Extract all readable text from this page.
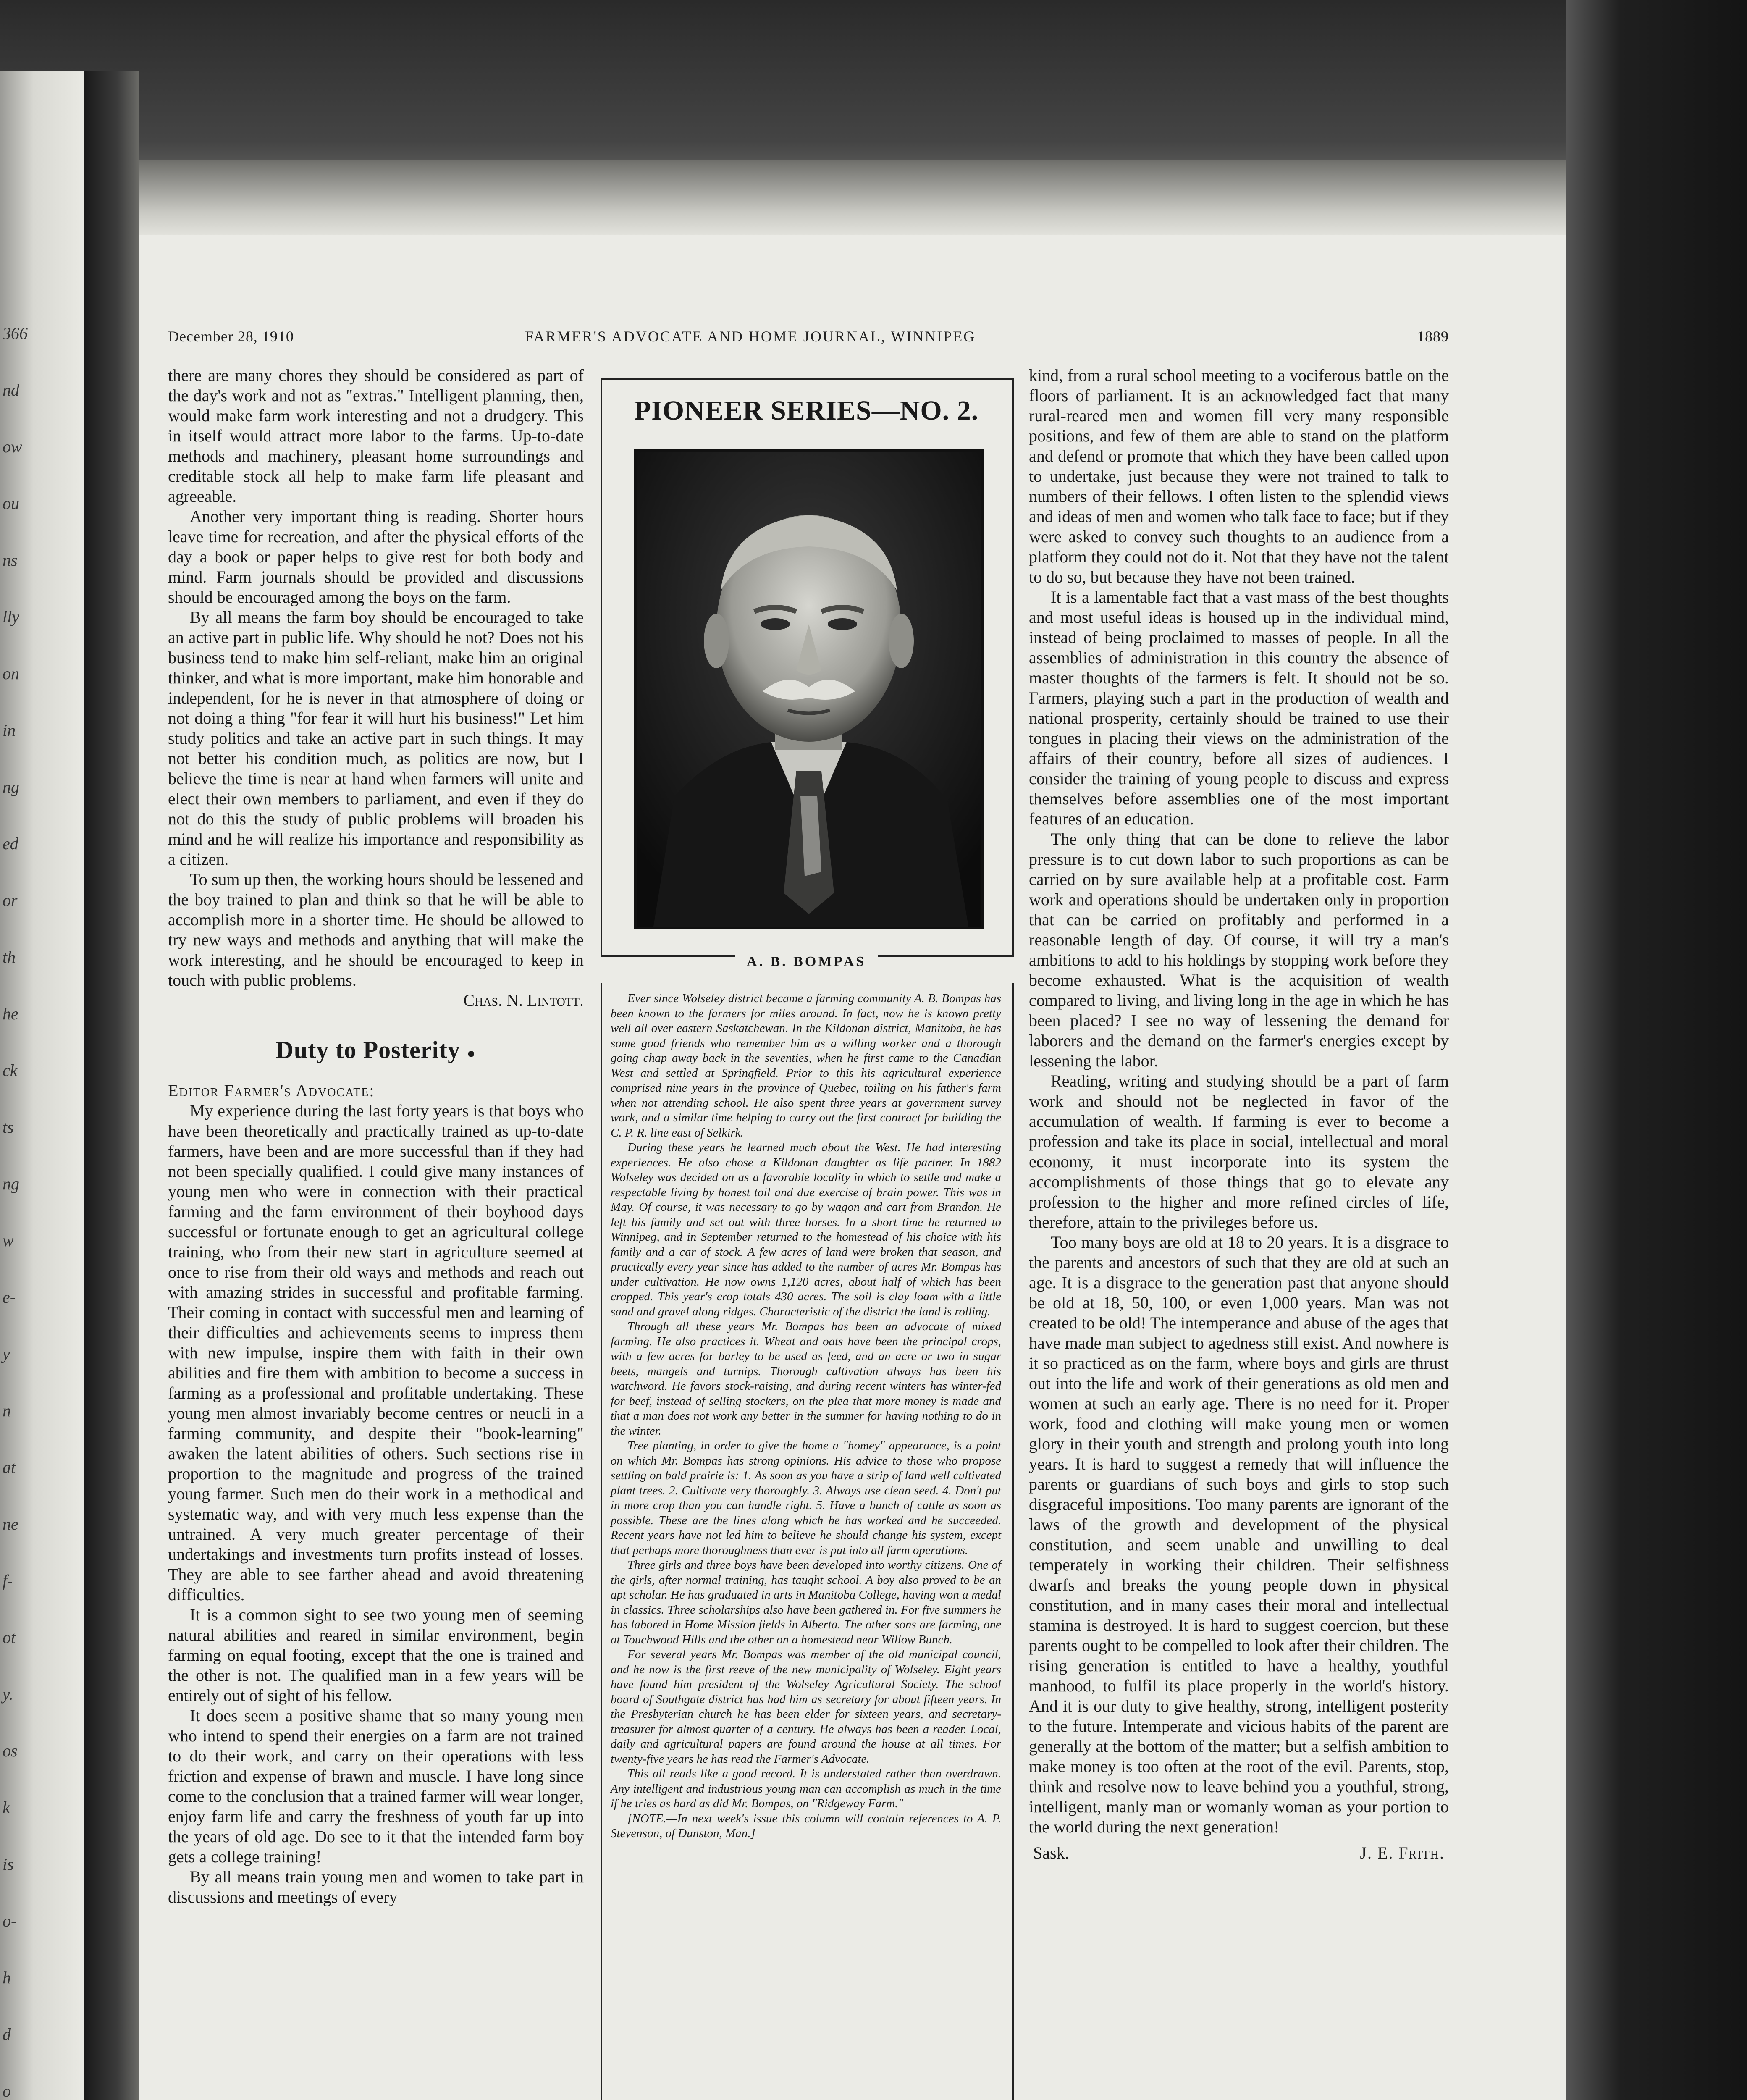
December 28, 1910	FARMER'S ADVOCATE AND HOME JOURNAL, WINNIPEG	1889

there are many chores they should be considered as part of the day's work and not as "extras." Intelligent planning, then, would make farm work interesting and not a drudgery. This in itself would attract more labor to the farms. Up-to-date methods and machinery, pleasant home surroundings and creditable stock all help to make farm life pleasant and agreeable.

Another very important thing is reading. Shorter hours leave time for recreation, and after the physical efforts of the day a book or paper helps to give rest for both body and mind. Farm journals should be provided and discussions should be encouraged among the boys on the farm.

By all means the farm boy should be encouraged to take an active part in public life. Why should he not? Does not his business tend to make him self-reliant, make him an original thinker, and what is more important, make him honorable and independent, for he is never in that atmosphere of doing or not doing a thing "for fear it will hurt his business!" Let him study politics and take an active part in such things. It may not better his condition much, as politics are now, but I believe the time is near at hand when farmers will unite and elect their own members to parliament, and even if they do not do this the study of public problems will broaden his mind and he will realize his importance and responsibility as a citizen.

To sum up then, the working hours should be lessened and the boy trained to plan and think so that he will be able to accomplish more in a shorter time. He should be allowed to try new ways and methods and anything that will make the work interesting, and he should be encouraged to keep in touch with public problems.

Chas. N. Lintott.

Duty to Posterity ●

Editor Farmer's Advocate:

My experience during the last forty years is that boys who have been theoretically and practically trained as up-to-date farmers, have been and are more successful than if they had not been specially qualified. I could give many instances of young men who were in connection with their practical farming and the farm environment of their boyhood days successful or fortunate enough to get an agricultural college training, who from their new start in agriculture seemed at once to rise from their old ways and methods and reach out with amazing strides in successful and profitable farming. Their coming in contact with successful men and learning of their difficulties and achievements seems to impress them with new impulse, inspire them with faith in their own abilities and fire them with ambition to become a success in farming as a professional and profitable undertaking. These young men almost invariably become centres or neucli in a farming community, and despite their "book-learning" awaken the latent abilities of others. Such sections rise in proportion to the magnitude and progress of the trained young farmer. Such men do their work in a methodical and systematic way, and with very much less expense than the untrained. A very much greater percentage of their undertakings and investments turn profits instead of losses. They are able to see farther ahead and avoid threatening difficulties.

It is a common sight to see two young men of seeming natural abilities and reared in similar environment, begin farming on equal footing, except that the one is trained and the other is not. The qualified man in a few years will be entirely out of sight of his fellow.

It does seem a positive shame that so many young men who intend to spend their energies on a farm are not trained to do their work, and carry on their operations with less friction and expense of brawn and muscle. I have long since come to the conclusion that a trained farmer will wear longer, enjoy farm life and carry the freshness of youth far up into the years of old age. Do see to it that the intended farm boy gets a college training!

By all means train young men and women to take part in discussions and meetings of every

PIONEER SERIES—NO. 2.
A. B. BOMPAS

Ever since Wolseley district became a farming community A. B. Bompas has been known to the farmers for miles around. In fact, now he is known pretty well all over eastern Saskatchewan. In the Kildonan district, Manitoba, he has some good friends who remember him as a willing worker and a thorough going chap away back in the seventies, when he first came to the Canadian West and settled at Springfield. Prior to this his agricultural experience comprised nine years in the province of Quebec, toiling on his father's farm when not attending school. He also spent three years at government survey work, and a similar time helping to carry out the first contract for building the C. P. R. line east of Selkirk.

During these years he learned much about the West. He had interesting experiences. He also chose a Kildonan daughter as life partner. In 1882 Wolseley was decided on as a favorable locality in which to settle and make a respectable living by honest toil and due exercise of brain power. This was in May. Of course, it was necessary to go by wagon and cart from Brandon. He left his family and set out with three horses. In a short time he returned to Winnipeg, and in September returned to the homestead of his choice with his family and a car of stock. A few acres of land were broken that season, and practically every year since has added to the number of acres Mr. Bompas has under cultivation. He now owns 1,120 acres, about half of which has been cropped. This year's crop totals 430 acres. The soil is clay loam with a little sand and gravel along ridges. Characteristic of the district the land is rolling.

Through all these years Mr. Bompas has been an advocate of mixed farming. He also practices it. Wheat and oats have been the principal crops, with a few acres for barley to be used as feed, and an acre or two in sugar beets, mangels and turnips. Thorough cultivation always has been his watchword. He favors stock-raising, and during recent winters has winter-fed for beef, instead of selling stockers, on the plea that more money is made and that a man does not work any better in the summer for having nothing to do in the winter.

Tree planting, in order to give the home a "homey" appearance, is a point on which Mr. Bompas has strong opinions. His advice to those who propose settling on bald prairie is: 1. As soon as you have a strip of land well cultivated plant trees. 2. Cultivate very thoroughly. 3. Always use clean seed. 4. Don't put in more crop than you can handle right. 5. Have a bunch of cattle as soon as possible. These are the lines along which he has worked and he succeeded. Recent years have not led him to believe he should change his system, except that perhaps more thoroughness than ever is put into all farm operations.

Three girls and three boys have been developed into worthy citizens. One of the girls, after normal training, has taught school. A boy also proved to be an apt scholar. He has graduated in arts in Manitoba College, having won a medal in classics. Three scholarships also have been gathered in. For five summers he has labored in Home Mission fields in Alberta. The other sons are farming, one at Touchwood Hills and the other on a homestead near Willow Bunch.

For several years Mr. Bompas was member of the old municipal council, and he now is the first reeve of the new municipality of Wolseley. Eight years have found him president of the Wolseley Agricultural Society. The school board of Southgate district has had him as secretary for about fifteen years. In the Presbyterian church he has been elder for sixteen years, and secretary-treasurer for almost quarter of a century. He always has been a reader. Local, daily and agricultural papers are found around the house at all times. For twenty-five years he has read the Farmer's Advocate.

This all reads like a good record. It is understated rather than overdrawn. Any intelligent and industrious young man can accomplish as much in the time if he tries as hard as did Mr. Bompas, on "Ridgeway Farm."

[NOTE.—In next week's issue this column will contain references to A. P. Stevenson, of Dunston, Man.]

kind, from a rural school meeting to a vociferous battle on the floors of parliament. It is an acknowledged fact that many rural-reared men and women fill very many responsible positions, and few of them are able to stand on the platform and defend or promote that which they have been called upon to undertake, just because they were not trained to talk to numbers of their fellows. I often listen to the splendid views and ideas of men and women who talk face to face; but if they were asked to convey such thoughts to an audience from a platform they could not do it. Not that they have not the talent to do so, but because they have not been trained.

It is a lamentable fact that a vast mass of the best thoughts and most useful ideas is housed up in the individual mind, instead of being proclaimed to masses of people. In all the assemblies of administration in this country the absence of master thoughts of the farmers is felt. It should not be so. Farmers, playing such a part in the production of wealth and national prosperity, certainly should be trained to use their tongues in placing their views on the administration of the affairs of their country, before all sizes of audiences. I consider the training of young people to discuss and express themselves before assemblies one of the most important features of an education.

The only thing that can be done to relieve the labor pressure is to cut down labor to such proportions as can be carried on by sure available help at a profitable cost. Farm work and operations should be undertaken only in proportion that can be carried on profitably and performed in a reasonable length of day. Of course, it will try a man's ambitions to add to his holdings by stopping work before they become exhausted. What is the acquisition of wealth compared to living, and living long in the age in which he has been placed? I see no way of lessening the demand for laborers and the demand on the farmer's energies except by lessening the labor.

Reading, writing and studying should be a part of farm work and should not be neglected in favor of the accumulation of wealth. If farming is ever to become a profession and take its place in social, intellectual and moral economy, it must incorporate into its system the accomplishments of those things that go to elevate any profession to the higher and more refined circles of life, therefore, attain to the privileges before us.

Too many boys are old at 18 to 20 years. It is a disgrace to the parents and ancestors of such that they are old at such an age. It is a disgrace to the generation past that anyone should be old at 18, 50, 100, or even 1,000 years. Man was not created to be old! The intemperance and abuse of the ages that have made man subject to agedness still exist. And nowhere is it so practiced as on the farm, where boys and girls are thrust out into the life and work of their generations as old men and women at such an early age. There is no need for it. Proper work, food and clothing will make young men or women glory in their youth and strength and prolong youth into long years. It is hard to suggest a remedy that will influence the parents or guardians of such boys and girls to stop such disgraceful impositions. Too many parents are ignorant of the laws of the growth and development of the physical constitution, and seem unable and unwilling to deal temperately in working their children. Their selfishness dwarfs and breaks the young people down in physical constitution, and in many cases their moral and intellectual stamina is destroyed. It is hard to suggest coercion, but these parents ought to be compelled to look after their children. The rising generation is entitled to have a healthy, youthful manhood, to fulfil its place properly in the world's history. And it is our duty to give healthy, strong, intelligent posterity to the future. Intemperate and vicious habits of the parent are generally at the bottom of the matter; but a selfish ambition to make money is too often at the root of the evil. Parents, stop, think and resolve now to leave behind you a youthful, strong, intelligent, manly man or womanly woman as your portion to the world during the next generation!

Sask.	J. E. Frith.
366
nd
ow
ou
ns
lly
on
in
ng
ed
or
th
he
ck
ts
ng
w
e-
y
n
at
ne
f-
ot
y.
os
k
is
o-
h
d
o
